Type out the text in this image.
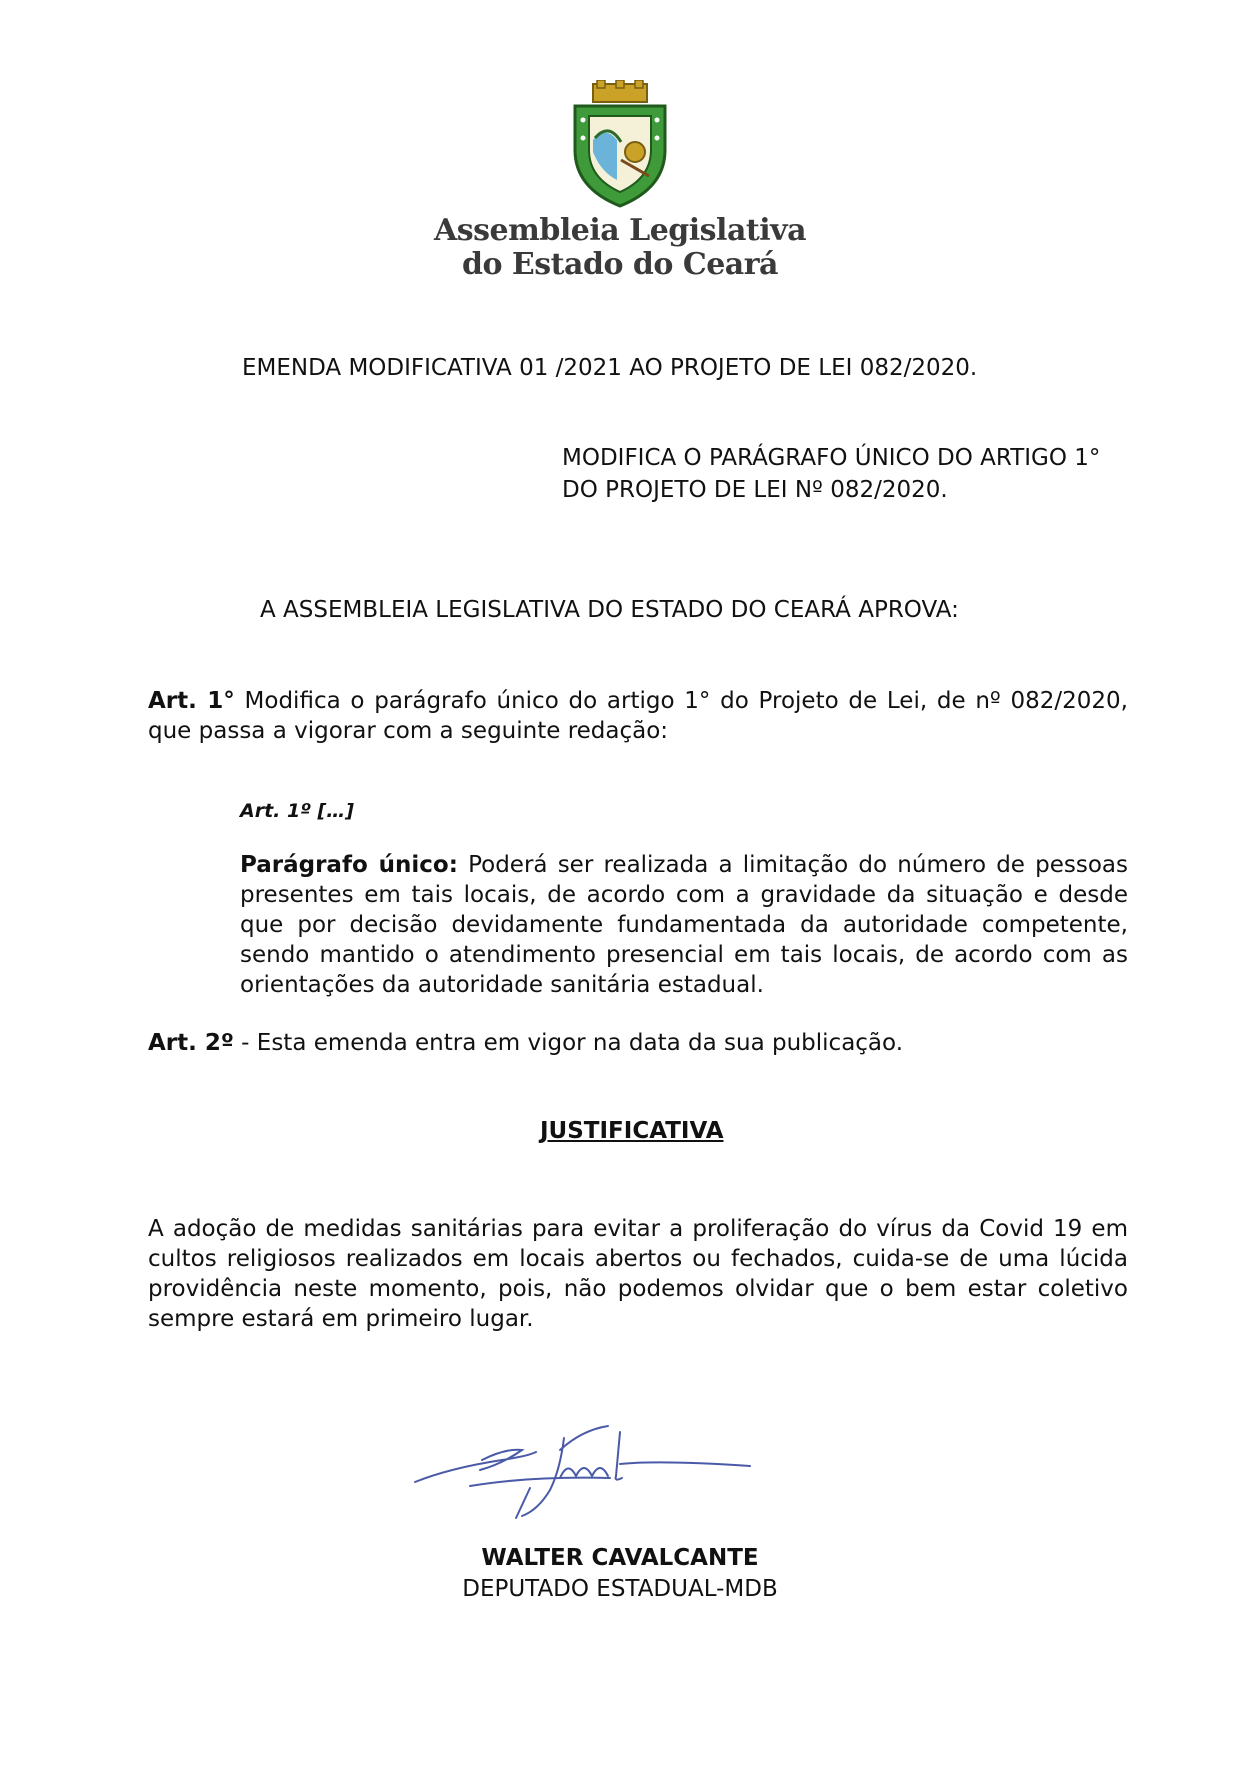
Assembleia Legislativa
do Estado do Ceará
EMENDA MODIFICATIVA 01 /2021 AO PROJETO DE LEI 082/2020.
MODIFICA O PARÁGRAFO ÚNICO DO ARTIGO 1°
DO PROJETO DE LEI Nº 082/2020.
A ASSEMBLEIA LEGISLATIVA DO ESTADO DO CEARÁ APROVA:
Art. 1° Modifica o parágrafo único do artigo 1° do Projeto de Lei, de nº 082/2020, que passa a vigorar com a seguinte redação:
Art. 1º […]
Parágrafo único: Poderá ser realizada a limitação do número de pessoas presentes em tais locais, de acordo com a gravidade da situação e desde que por decisão devidamente fundamentada da autoridade competente, sendo mantido o atendimento presencial em tais locais, de acordo com as orientações da autoridade sanitária estadual.
Art. 2º - Esta emenda entra em vigor na data da sua publicação.
JUSTIFICATIVA
A adoção de medidas sanitárias para evitar a proliferação do vírus da Covid 19 em cultos religiosos realizados em locais abertos ou fechados, cuida-se de uma lúcida providência neste momento, pois, não podemos olvidar que o bem estar coletivo sempre estará em primeiro lugar.
WALTER CAVALCANTE
DEPUTADO ESTADUAL-MDB
